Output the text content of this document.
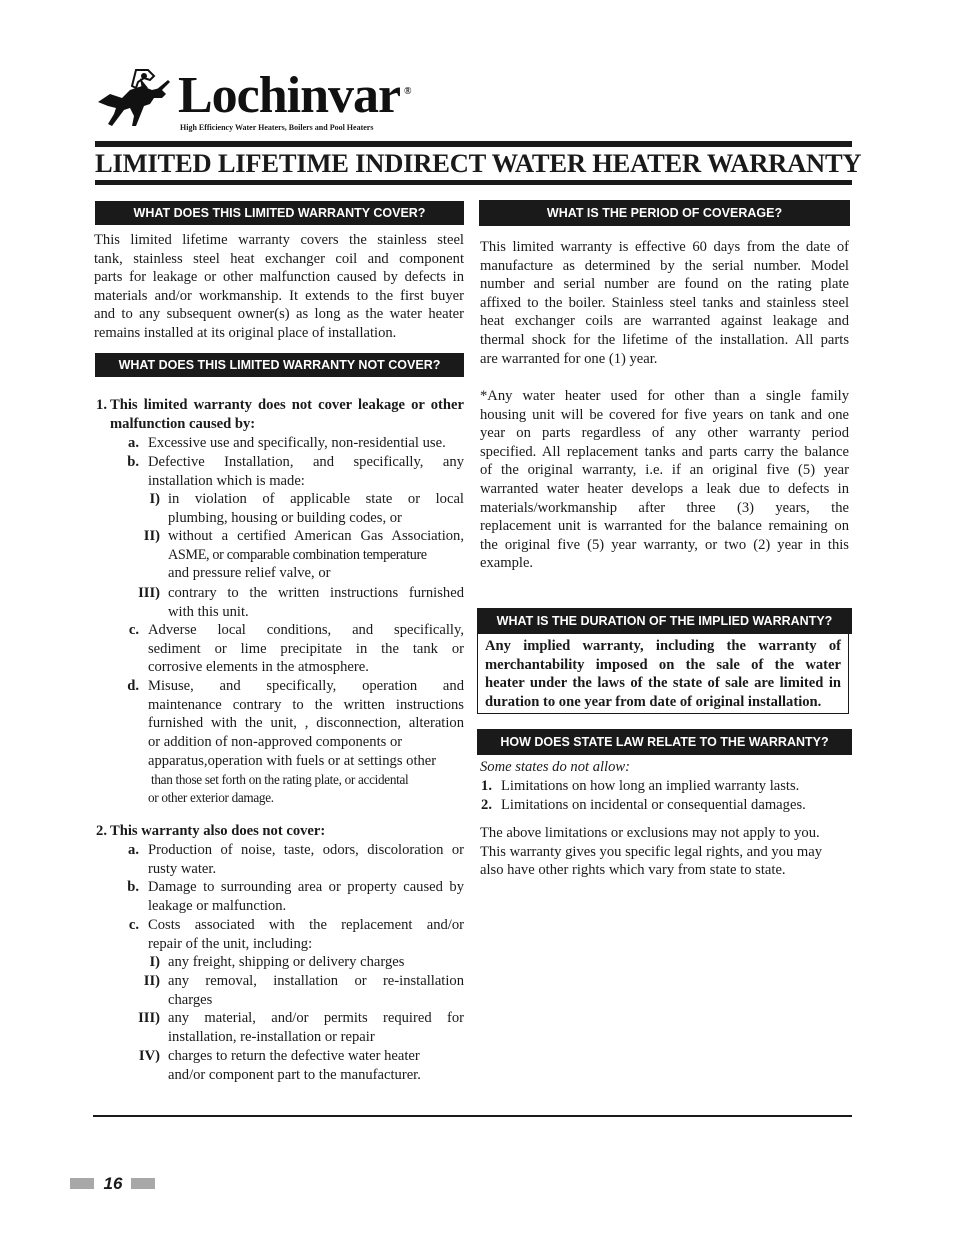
Lochinvar ®
High Efficiency Water Heaters, Boilers and Pool Heaters
LIMITED LIFETIME INDIRECT WATER HEATER WARRANTY
WHAT DOES THIS LIMITED WARRANTY COVER?
This limited lifetime warranty covers the stainless steel
tank, stainless steel heat exchanger coil and component
parts for leakage or other malfunction caused by defects in
materials and/or workmanship. It extends to the first buyer
and to any subsequent owner(s) as long as the water heater
remains installed at its original place of installation.
WHAT DOES THIS LIMITED WARRANTY NOT COVER?
1. This limited warranty does not cover leakage or other
malfunction caused by:
a. Excessive use and specifically, non-residential use.
b. Defective Installation, and specifically, any
installation which is made:
I) in violation of applicable state or local
plumbing, housing or building codes, or
II) without a certified American Gas Association,
ASME, or comparable combination temperature
and pressure relief valve, or
III) contrary to the written instructions furnished
with this unit.
c. Adverse local conditions, and specifically,
sediment or lime precipitate in the tank or
corrosive elements in the atmosphere.
d. Misuse, and specifically, operation and
maintenance contrary to the written instructions
furnished with the unit, , disconnection, alteration
or addition of non-approved components or
apparatus,operation with fuels or at settings other
than those set forth on the rating plate, or accidental
or other exterior damage.
2. This warranty also does not cover:
a. Production of noise, taste, odors, discoloration or
rusty water.
b. Damage to surrounding area or property caused by
leakage or malfunction.
c. Costs associated with the replacement and/or
repair of the unit, including:
I) any freight, shipping or delivery charges
II) any removal, installation or re-installation
charges
III) any material, and/or permits required for
installation, re-installation or repair
IV) charges to return the defective water heater
and/or component part to the manufacturer.
WHAT IS THE PERIOD OF COVERAGE?
This limited warranty is effective 60 days from the date of
manufacture as determined by the serial number. Model
number and serial number are found on the rating plate
affixed to the boiler. Stainless steel tanks and stainless steel
heat exchanger coils are warranted against leakage and
thermal shock for the lifetime of the installation. All parts
are warranted for one (1) year.
*Any water heater used for other than a single family
housing unit will be covered for five years on tank and one
year on parts regardless of any other warranty period
specified. All replacement tanks and parts carry the balance
of the original warranty, i.e. if an original five (5) year
warranted water heater develops a leak due to defects in
materials/workmanship after three (3) years, the
replacement unit is warranted for the balance remaining on
the original five (5) year warranty, or two (2) year in this
example.
WHAT IS THE DURATION OF THE IMPLIED WARRANTY?
Any implied warranty, including the warranty of
merchantability imposed on the sale of the water
heater under the laws of the state of sale are limited in
duration to one year from date of original installation.
HOW DOES STATE LAW RELATE TO THE WARRANTY?
Some states do not allow:
1. Limitations on how long an implied warranty lasts.
2. Limitations on incidental or consequential damages.
The above limitations or exclusions may not apply to you.
This warranty gives you specific legal rights, and you may
also have other rights which vary from state to state.
16
